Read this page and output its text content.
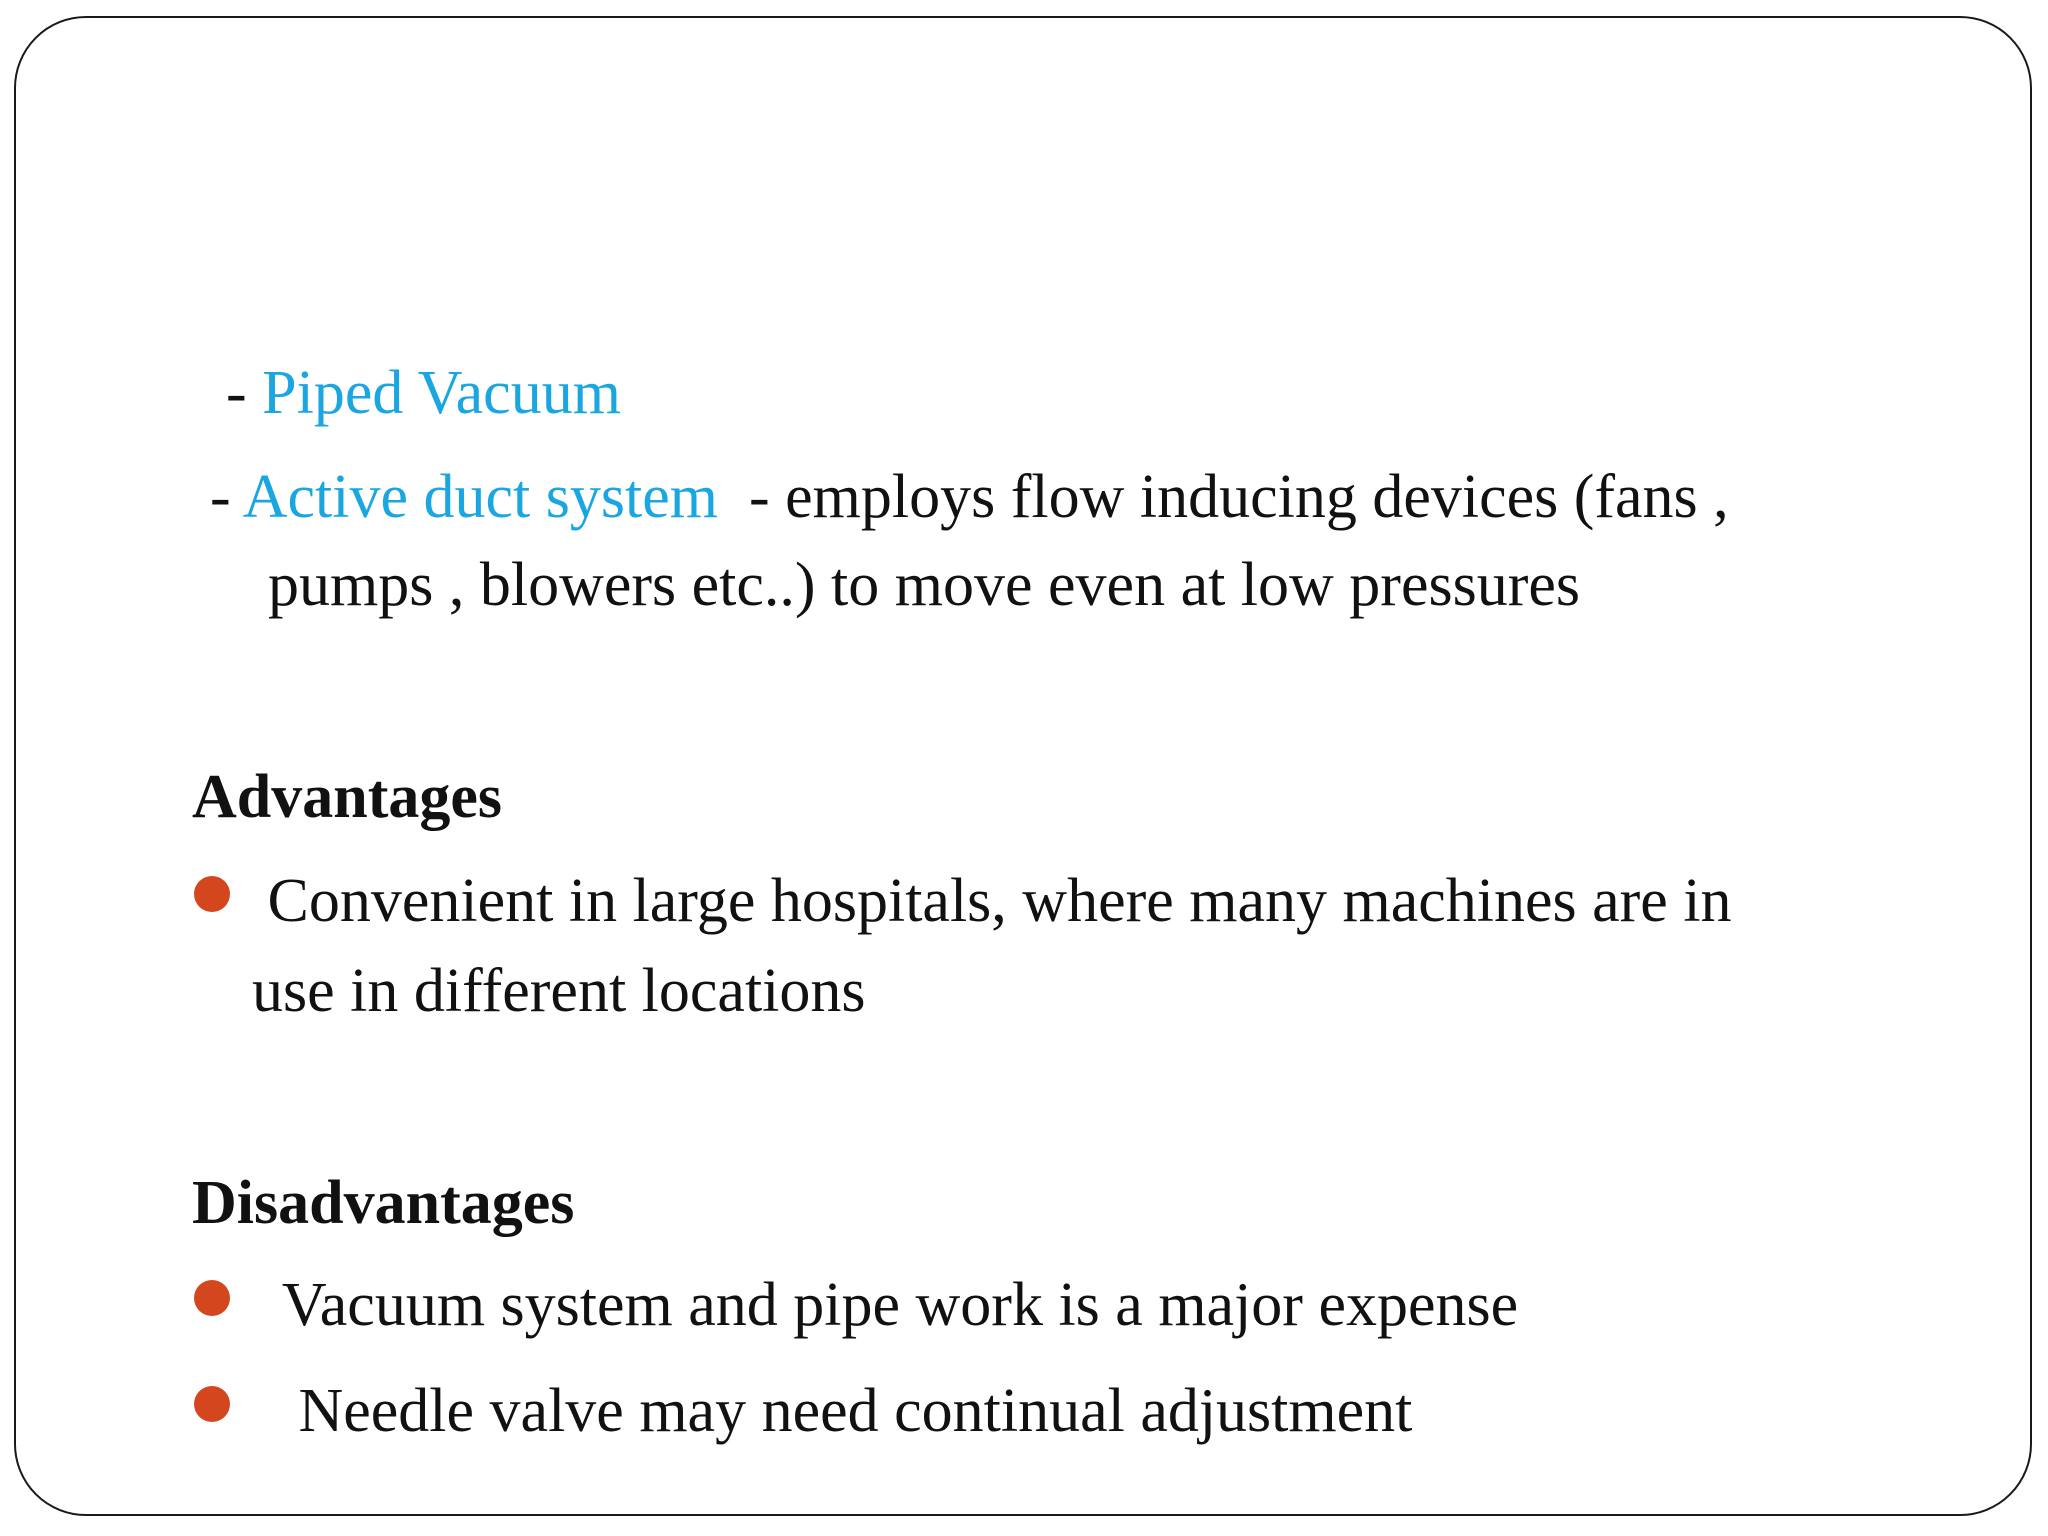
- Piped Vacuum
- Active duct system  - employs flow inducing devices (fans ,
pumps , blowers etc..) to move even at low pressures
Advantages
Convenient in large hospitals, where many machines are in
use in different locations
Disadvantages
Vacuum system and pipe work is a major expense
Needle valve may need continual adjustment
